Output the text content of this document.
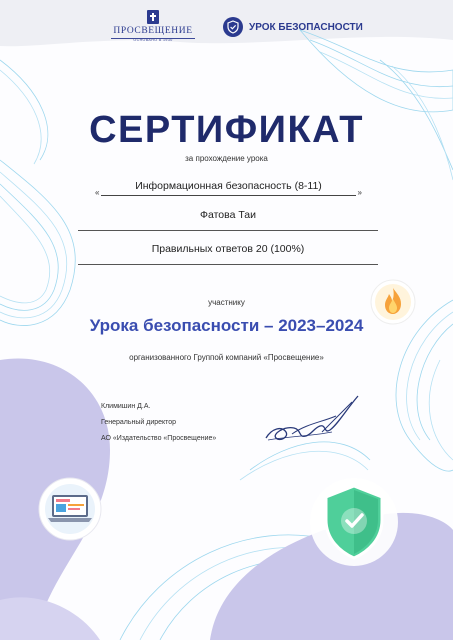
ПРОСВЕЩЕНИЕ
ОСНОВАНО В 1930
УРОК БЕЗОПАСНОСТИ
СЕРТИФИКАТ
за прохождение урока
«
Информационная безопасность (8-11)
»
Фатова Таи
Правильных ответов 20 (100%)
участнику
Урока безопасности – 2023–2024
организованного Группой компаний «Просвещение»
Климишин Д.А.
Генеральный директор
АО «Издательство «Просвещение»
